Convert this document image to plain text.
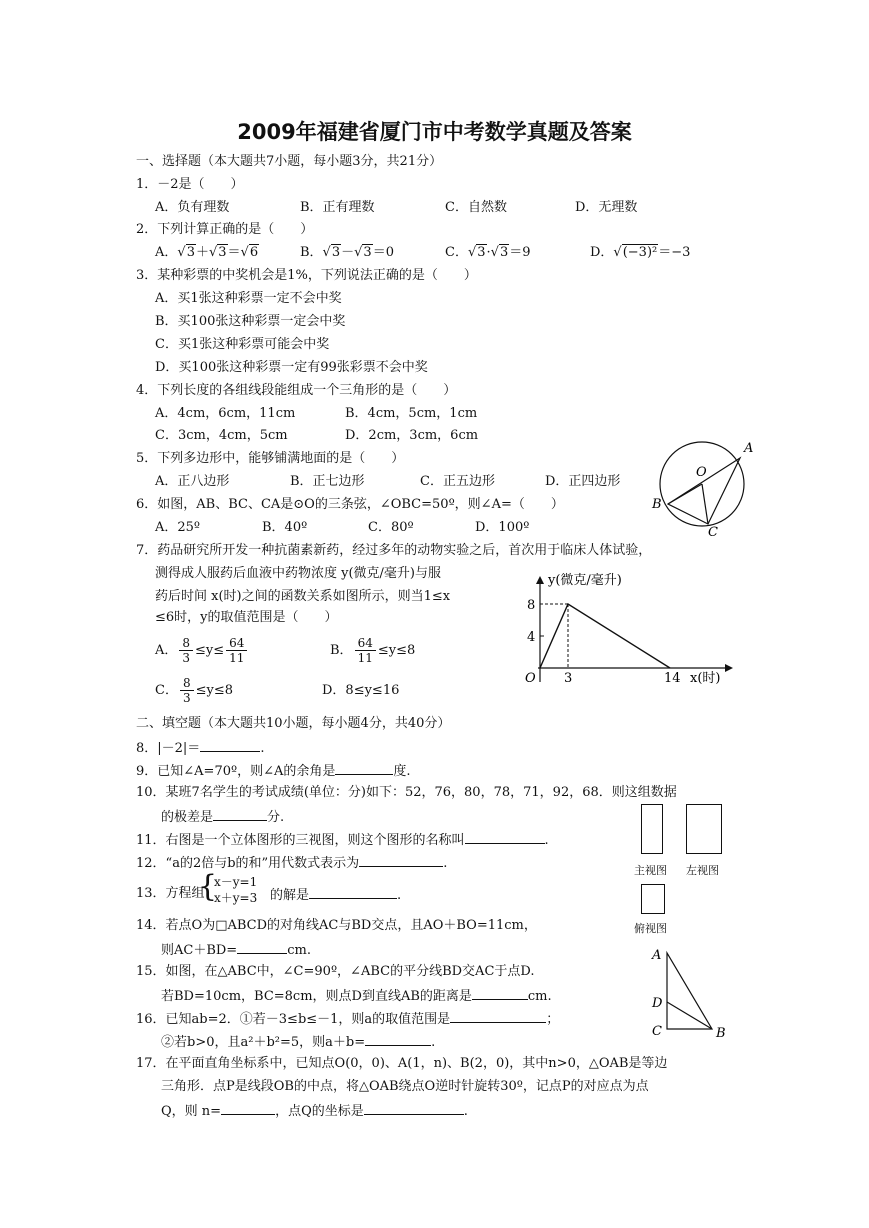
2009年福建省厦门市中考数学真题及答案
一、选择题（本大题共7小题，每小题3分，共21分）
1．－2是（　　）
A．负有理数	B．正有理数	C．自然数	D．无理数
2．下列计算正确的是（　　）
A．√3＋√3＝√6	B．√3－√3＝0	C．√3·√3＝9	D．√(−3)²＝−3
3．某种彩票的中奖机会是1%，下列说法正确的是（　　）
A．买1张这种彩票一定不会中奖
B．买100张这种彩票一定会中奖
C．买1张这种彩票可能会中奖
D．买100张这种彩票一定有99张彩票不会中奖
4．下列长度的各组线段能组成一个三角形的是（　　）
A．4cm，6cm，11cm	B．4cm，5cm，1cm
C．3cm，4cm，5cm	D．2cm，3cm，6cm
5．下列多边形中，能够铺满地面的是（　　）
A．正八边形	B．正七边形	C．正五边形	D．正四边形
6．如图，AB、BC、CA是⊙O的三条弦，∠OBC=50º，则∠A=（　　）
A．25º	B．40º	C．80º	D．100º
A
O
B
C
7．药品研究所开发一种抗菌素新药，经过多年的动物实验之后，首次用于临床人体试验，
测得成人服药后血液中药物浓度 y(微克/毫升)与服
药后时间 x(时)之间的函数关系如图所示，则当1≤x
≤6时，y的取值范围是（　　）
A． $\frac{8}{3} \le y\le \frac{64}{11}$	B． $\frac{64}{11} \le y\le 8$
C． $\frac{8}{3} \le y\le 8$	D．8≤y≤16
y(微克/毫升)
8
4
O 3	14 x(时)
二、填空题（本大题共10小题，每小题4分，共40分）
8．|－2|＝	.
9．已知∠A=70º，则∠A的余角是	度.
10．某班7名学生的考试成绩(单位：分)如下：52，76，80，78，71，92，68．则这组数据
的极差是	分.
11．右图是一个立体图形的三视图，则这个图形的名称叫	.
主视图 左视图
俯视图
12．“a的2倍与b的和”用代数式表示为	.
13．方程组
{
x－y=1
x＋y=3 的解是	.
14．若点O为□ABCD的对角线AC与BD交点，且AO＋BO=11cm，
则AC＋BD=	cm.
15．如图，在△ABC中，∠C=90º，∠ABC的平分线BD交AC于点D.
若BD=10cm，BC=8cm，则点D到直线AB的距离是	cm.
A
D
C	B
16．已知ab=2．①若－3≤b≤－1，则a的取值范围是	；
②若b>0，且a²＋b²=5，则a＋b=	.
17．在平面直角坐标系中，已知点O(0，0)、A(1，n)、B(2，0)，其中n>0，△OAB是等边
三角形．点P是线段OB的中点，将△OAB绕点O逆时针旋转30º，记点P的对应点为点
Q，则 n=	，点Q的坐标是	.
